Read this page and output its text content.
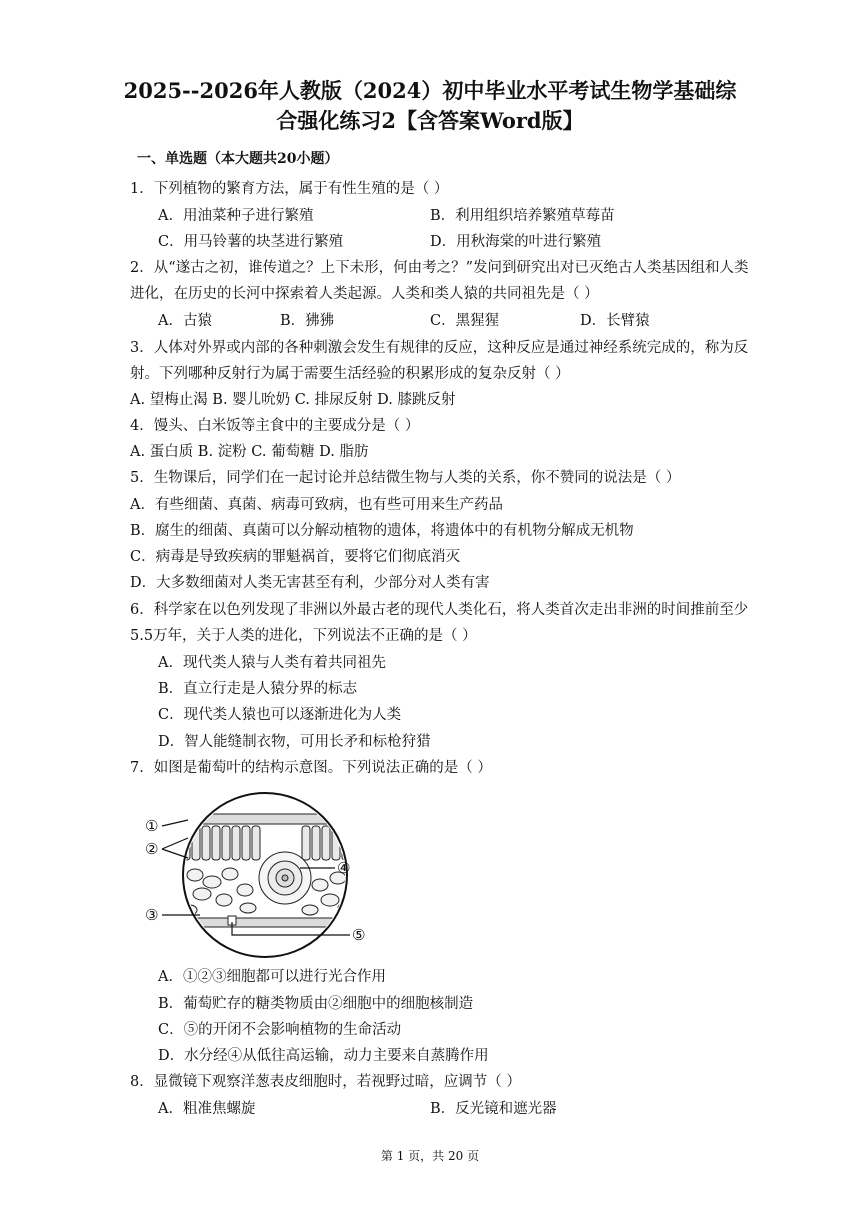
2025--2026年人教版（2024）初中毕业水平考试生物学基础综
合强化练习2【含答案Word版】
一、单选题（本大题共20小题）
1．下列植物的繁育方法，属于有性生殖的是（ ）
A．用油菜种子进行繁殖	B．利用组织培养繁殖草莓苗
C．用马铃薯的块茎进行繁殖	D．用秋海棠的叶进行繁殖
2．从“遂古之初，谁传道之？上下未形，何由考之？”发问到研究出对已灭绝古人类基因组和人类
进化，在历史的长河中探索着人类起源。人类和类人猿的共同祖先是（ ）
A．古猿	B．狒狒	C．黑猩猩	D．长臂猿
3．人体对外界或内部的各种刺激会发生有规律的反应，这种反应是通过神经系统完成的，称为反
射。下列哪种反射行为属于需要生活经验的积累形成的复杂反射（ ）
A. 望梅止渴 B. 婴儿吮奶 C. 排尿反射 D. 膝跳反射
4．馒头、白米饭等主食中的主要成分是（ ）
A. 蛋白质 B. 淀粉 C. 葡萄糖 D. 脂肪
5．生物课后，同学们在一起讨论并总结微生物与人类的关系，你不赞同的说法是（ ）
A．有些细菌、真菌、病毒可致病，也有些可用来生产药品
B．腐生的细菌、真菌可以分解动植物的遗体，将遗体中的有机物分解成无机物
C．病毒是导致疾病的罪魁祸首，要将它们彻底消灭
D．大多数细菌对人类无害甚至有利，少部分对人类有害
6．科学家在以色列发现了非洲以外最古老的现代人类化石，将人类首次走出非洲的时间推前至少
5.5万年，关于人类的进化，下列说法不正确的是（ ）
A．现代类人猿与人类有着共同祖先
B．直立行走是人猿分界的标志
C．现代类人猿也可以逐渐进化为人类
D．智人能缝制衣物，可用长矛和标枪狩猎
7．如图是葡萄叶的结构示意图。下列说法正确的是（ ）
①
②
③
④
⑤
A．①②③细胞都可以进行光合作用
B．葡萄贮存的糖类物质由②细胞中的细胞核制造
C．⑤的开闭不会影响植物的生命活动
D．水分经④从低往高运输，动力主要来自蒸腾作用
8．显微镜下观察洋葱表皮细胞时，若视野过暗，应调节（ ）
A．粗准焦螺旋	B．反光镜和遮光器
第 1 页，共 20 页
